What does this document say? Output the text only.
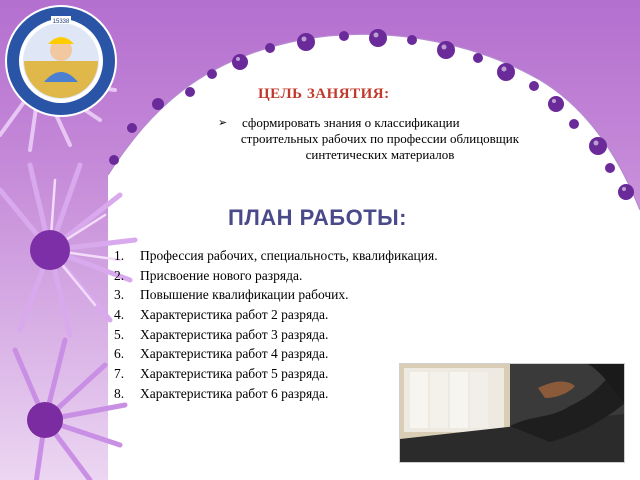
15338
ЦЕЛЬ ЗАНЯТИЯ:
➢	сформировать знания о классификации
строительных рабочих по профессии облицовщик
синтетических материалов
ПЛАН РАБОТЫ:
1. Профессия рабочих, специальность, квалификация.
2. Присвоение нового разряда.
3. Повышение квалификации рабочих.
4. Характеристика работ 2 разряда.
5. Характеристика работ 3 разряда.
6. Характеристика работ 4 разряда.
7. Характеристика работ 5 разряда.
8. Характеристика работ 6 разряда.
